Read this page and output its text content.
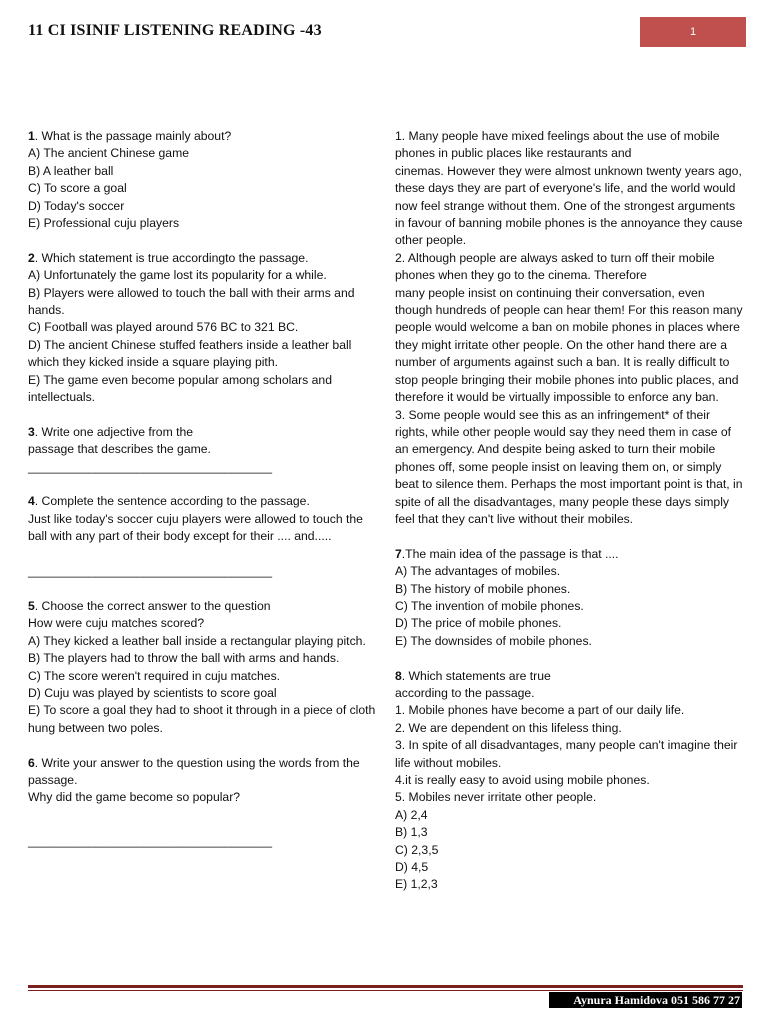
11 CI ISINIF LISTENING READING -43	1

1. What is the passage mainly about?

A) The ancient Chinese game

B) A leather ball

C) To score a goal

D) Today's soccer

E) Professional cuju players

2. Which statement is true accordingto the passage.

A) Unfortunately the game lost its popularity for a while.

B) Players were allowed to touch the ball with their arms and hands.

C) Football was played around 576 BC to 321 BC.

D) The ancient Chinese stuffed feathers inside a leather ball which they kicked inside a square playing pith.

E) The game even become popular among scholars and intellectuals.

3. Write one adjective from the

passage that describes the game.

____________________________________

4. Complete the sentence according to the passage.

Just like today's soccer cuju players were allowed to touch the ball with any part of their body except for their .... and.....

____________________________________

5. Choose the correct answer to the question

How were cuju matches scored?

A) They kicked a leather ball inside a rectangular playing pitch.

B) The players had to throw the ball with arms and hands.

C) The score weren't required in cuju matches.

D) Cuju was played by scientists to score goal

E) To score a goal they had to shoot it through in a piece of cloth hung between two poles.

6. Write your answer to the question using the words from the passage.

Why did the game become so popular?

____________________________________

1. Many people have mixed feelings about the use of mobile phones in public places like restaurants and

cinemas. However they were almost unknown twenty years ago, these days they are part of everyone's life, and the world would now feel strange without them. One of the strongest arguments in favour of banning mobile phones is the annoyance they cause other people.

2. Although people are always asked to turn off their mobile phones when they go to the cinema. Therefore

many people insist on continuing their conversation, even though hundreds of people can hear them! For this reason many people would welcome a ban on mobile phones in places where they might irritate other people. On the other hand there are a number of arguments against such a ban. It is really difficult to stop people bringing their mobile phones into public places, and therefore it would be virtually impossible to enforce any ban.

3. Some people would see this as an infringement* of their rights, while other people would say they need them in case of an emergency. And despite being asked to turn their mobile phones off, some people insist on leaving them on, or simply beat to silence them. Perhaps the most important point is that, in spite of all the disadvantages, many people these days simply feel that they can't live without their mobiles.

7.The main idea of the passage is that ....

A) The advantages of mobiles.

B) The history of mobile phones.

C) The invention of mobile phones.

D) The price of mobile phones.

E) The downsides of mobile phones.

8. Which statements are true

according to the passage.

1. Mobile phones have become a part of our daily life.

2. We are dependent on this lifeless thing.

3. In spite of all disadvantages, many people can't imagine their life without mobiles.

4.it is really easy to avoid using mobile phones.

5. Mobiles never irritate other people.

A) 2,4

B) 1,3

C) 2,3,5

D) 4,5

E) 1,2,3

Aynura Hamidova 051 586 77 27
